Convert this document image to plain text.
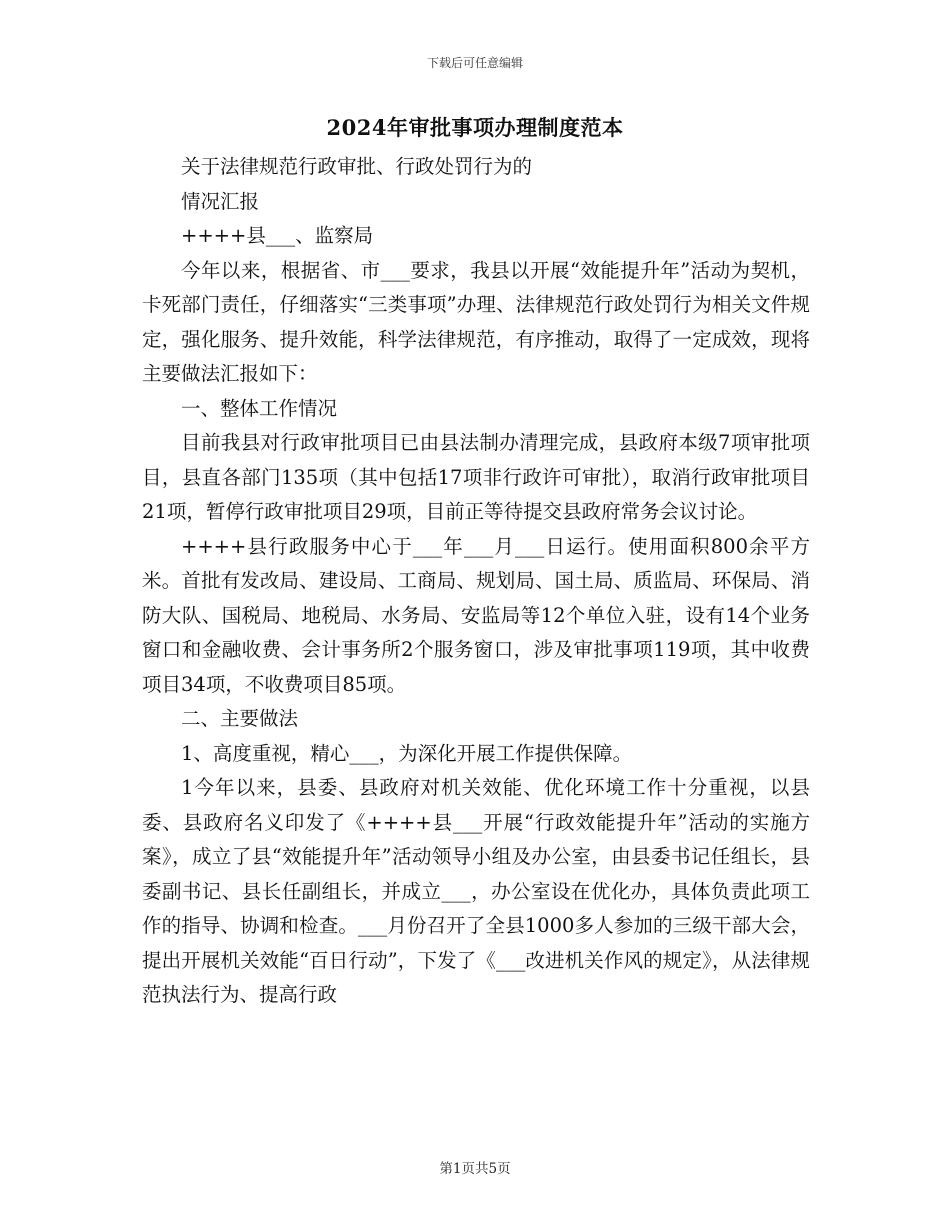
下载后可任意编辑
2024年审批事项办理制度范本

关于法律规范行政审批、行政处罚行为的

情况汇报

++++县___、监察局

今年以来，根据省、市___要求，我县以开展“效能提升年”活动为契机，卡死部门责任，仔细落实“三类事项”办理、法律规范行政处罚行为相关文件规定，强化服务、提升效能，科学法律规范，有序推动，取得了一定成效，现将主要做法汇报如下：

一、整体工作情况

目前我县对行政审批项目已由县法制办清理完成，县政府本级7项审批项目，县直各部门135项（其中包括17项非行政许可审批），取消行政审批项目21项，暂停行政审批项目29项，目前正等待提交县政府常务会议讨论。

++++县行政服务中心于___年___月___日运行。使用面积800余平方米。首批有发改局、建设局、工商局、规划局、国土局、质监局、环保局、消防大队、国税局、地税局、水务局、安监局等12个单位入驻，设有14个业务窗口和金融收费、会计事务所2个服务窗口，涉及审批事项119项，其中收费项目34项，不收费项目85项。

二、主要做法

1、高度重视，精心___，为深化开展工作提供保障。

1今年以来，县委、县政府对机关效能、优化环境工作十分重视，以县委、县政府名义印发了《++++县___开展“行政效能提升年”活动的实施方案》，成立了县“效能提升年”活动领导小组及办公室，由县委书记任组长，县委副书记、县长任副组长，并成立___，办公室设在优化办，具体负责此项工作的指导、协调和检查。___月份召开了全县1000多人参加的三级干部大会，提出开展机关效能“百日行动”，下发了《___改进机关作风的规定》，从法律规范执法行为、提高行政

第1页共5页
